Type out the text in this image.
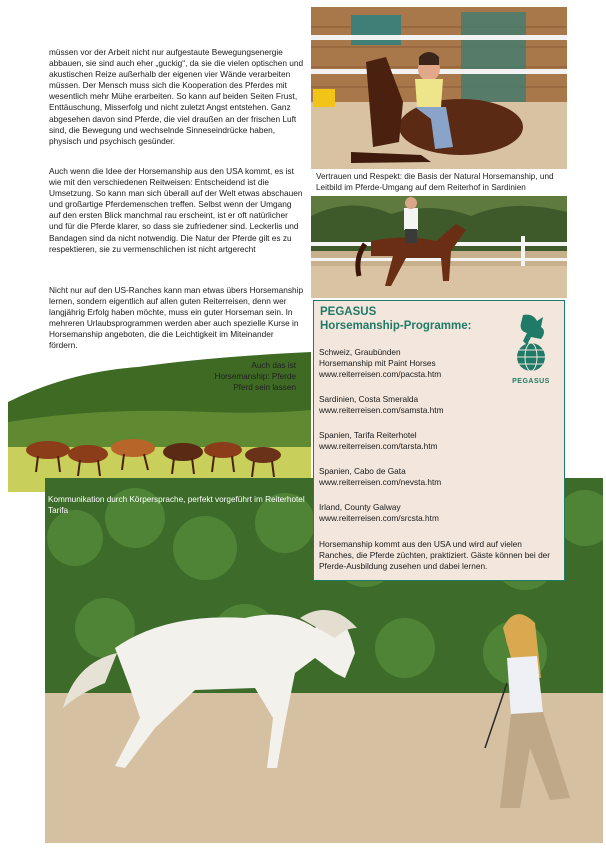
müssen vor der Arbeit nicht nur aufgestaute Bewegungsenergie abbauen, sie sind auch eher „guckig“, da sie die vielen optischen und akustischen Reize außerhalb der eigenen vier Wände verarbeiten müssen. Der Mensch muss sich die Kooperation des Pferdes mit wesentlich mehr Mühe erarbeiten. So kann auf beiden Seiten Frust, Enttäuschung, Misserfolg und nicht zuletzt Angst entstehen. Ganz abgesehen davon sind Pferde, die viel draußen an der frischen Luft sind, die Bewegung und wechselnde Sinneseindrücke haben, physisch und psychisch gesünder.

Auch wenn die Idee der Horsemanship aus den USA kommt, es ist wie mit den verschiedenen Reitweisen: Entscheidend ist die Umsetzung. So kann man sich überall auf der Welt etwas abschauen und großartige Pferdemenschen treffen. Selbst wenn der Umgang auf den ersten Blick manchmal rau erscheint, ist er oft natürlicher und für die Pferde klarer, so dass sie zufriedener sind. Leckerlis und Bandagen sind da nicht notwendig. Die Natur der Pferde gilt es zu respektieren, sie zu vermenschlichen ist nicht artgerecht

Nicht nur auf den US-Ranches kann man etwas übers Horsemanship lernen, sondern eigentlich auf allen guten Reiterreisen, denn wer langjährig Erfolg haben möchte, muss ein guter Horseman sein. In mehreren Urlaubsprogrammen werden aber auch spezielle Kurse in Horsemanship angeboten, die die Leichtigkeit im Miteinander fördern.

Vertrauen und Respekt: die Basis der Natural Horsemanship, und Leitbild im Pferde-Umgang auf dem Reiterhof in Sardinien
Auch das ist Horsemanship: Pferde Pferd sein lassen
Kommunikation durch Körpersprache, perfekt vorgeführt im Reiterhotel Tarifa
PEGASUS
Horsemanship-Programme:
PEGASUS
Schweiz, Graubünden
Horsemanship mit Paint Horses
www.reiterreisen.com/pacsta.htm
Sardinien, Costa Smeralda
www.reiterreisen.com/samsta.htm
Spanien, Tarifa Reiterhotel
www.reiterreisen.com/tarsta.htm
Spanien, Cabo de Gata
www.reiterreisen.com/nevsta.htm
Irland, County Galway
www.reiterreisen.com/srcsta.htm
Horsemanship kommt aus den USA und wird auf vielen Ranches, die Pferde züchten, praktiziert. Gäste können bei der Pferde-Ausbildung zusehen und dabei lernen.
